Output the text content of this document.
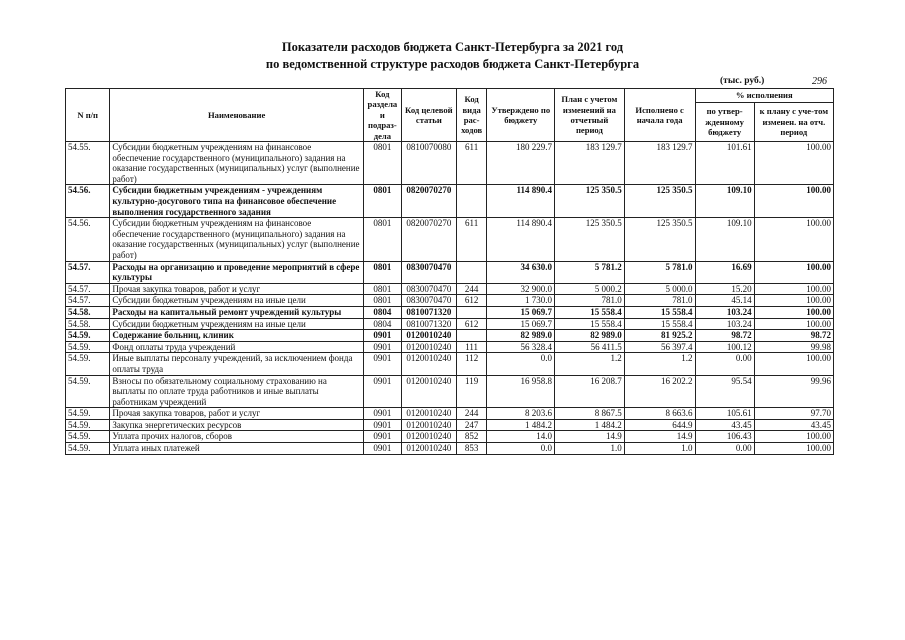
Показатели расходов бюджета Санкт-Петербурга за 2021 год
по ведомственной структуре расходов бюджета Санкт-Петербурга
(тыс. руб.)	296
N п/п	Наименование	Код раздела и подраз-дела	Код целевой статьи	Код вида рас-ходов	Утверждено по бюджету	План с учетом изменений на отчетный период	Исполнено с начала года	% исполнения	
								по утвер-жденному бюджету	к плану с уче-том изменен. на отч. период
54.55.	Субсидии бюджетным учреждениям на финансовое обеспечение государственного (муниципального) задания на оказание государственных (муниципальных) услуг (выполнение работ)	0801	0810070080	611	180 229.7	183 129.7	183 129.7	101.61	100.00
54.56.	Субсидии бюджетным учреждениям - учреждениям культурно-досугового типа на финансовое обеспечение выполнения государственного задания	0801	0820070270		114 890.4	125 350.5	125 350.5	109.10	100.00
54.56.	Субсидии бюджетным учреждениям на финансовое обеспечение государственного (муниципального) задания на оказание государственных (муниципальных) услуг (выполнение работ)	0801	0820070270	611	114 890.4	125 350.5	125 350.5	109.10	100.00
54.57.	Расходы на организацию и проведение мероприятий в сфере культуры	0801	0830070470		34 630.0	5 781.2	5 781.0	16.69	100.00
54.57.	Прочая закупка товаров, работ и услуг	0801	0830070470	244	32 900.0	5 000.2	5 000.0	15.20	100.00
54.57.	Субсидии бюджетным учреждениям на иные цели	0801	0830070470	612	1 730.0	781.0	781.0	45.14	100.00
54.58.	Расходы на капитальный ремонт учреждений культуры	0804	0810071320		15 069.7	15 558.4	15 558.4	103.24	100.00
54.58.	Субсидии бюджетным учреждениям на иные цели	0804	0810071320	612	15 069.7	15 558.4	15 558.4	103.24	100.00
54.59.	Содержание больниц, клиник	0901	0120010240		82 989.0	82 989.0	81 925.2	98.72	98.72
54.59.	Фонд оплаты труда учреждений	0901	0120010240	111	56 328.4	56 411.5	56 397.4	100.12	99.98
54.59.	Иные выплаты персоналу учреждений, за исключением фонда оплаты труда	0901	0120010240	112	0.0	1.2	1.2	0.00	100.00
54.59.	Взносы по обязательному социальному страхованию на выплаты по оплате труда работников и иные выплаты работникам учреждений	0901	0120010240	119	16 958.8	16 208.7	16 202.2	95.54	99.96
54.59.	Прочая закупка товаров, работ и услуг	0901	0120010240	244	8 203.6	8 867.5	8 663.6	105.61	97.70
54.59.	Закупка энергетических ресурсов	0901	0120010240	247	1 484.2	1 484.2	644.9	43.45	43.45
54.59.	Уплата прочих налогов, сборов	0901	0120010240	852	14.0	14.9	14.9	106.43	100.00
54.59.	Уплата иных платежей	0901	0120010240	853	0.0	1.0	1.0	0.00	100.00
